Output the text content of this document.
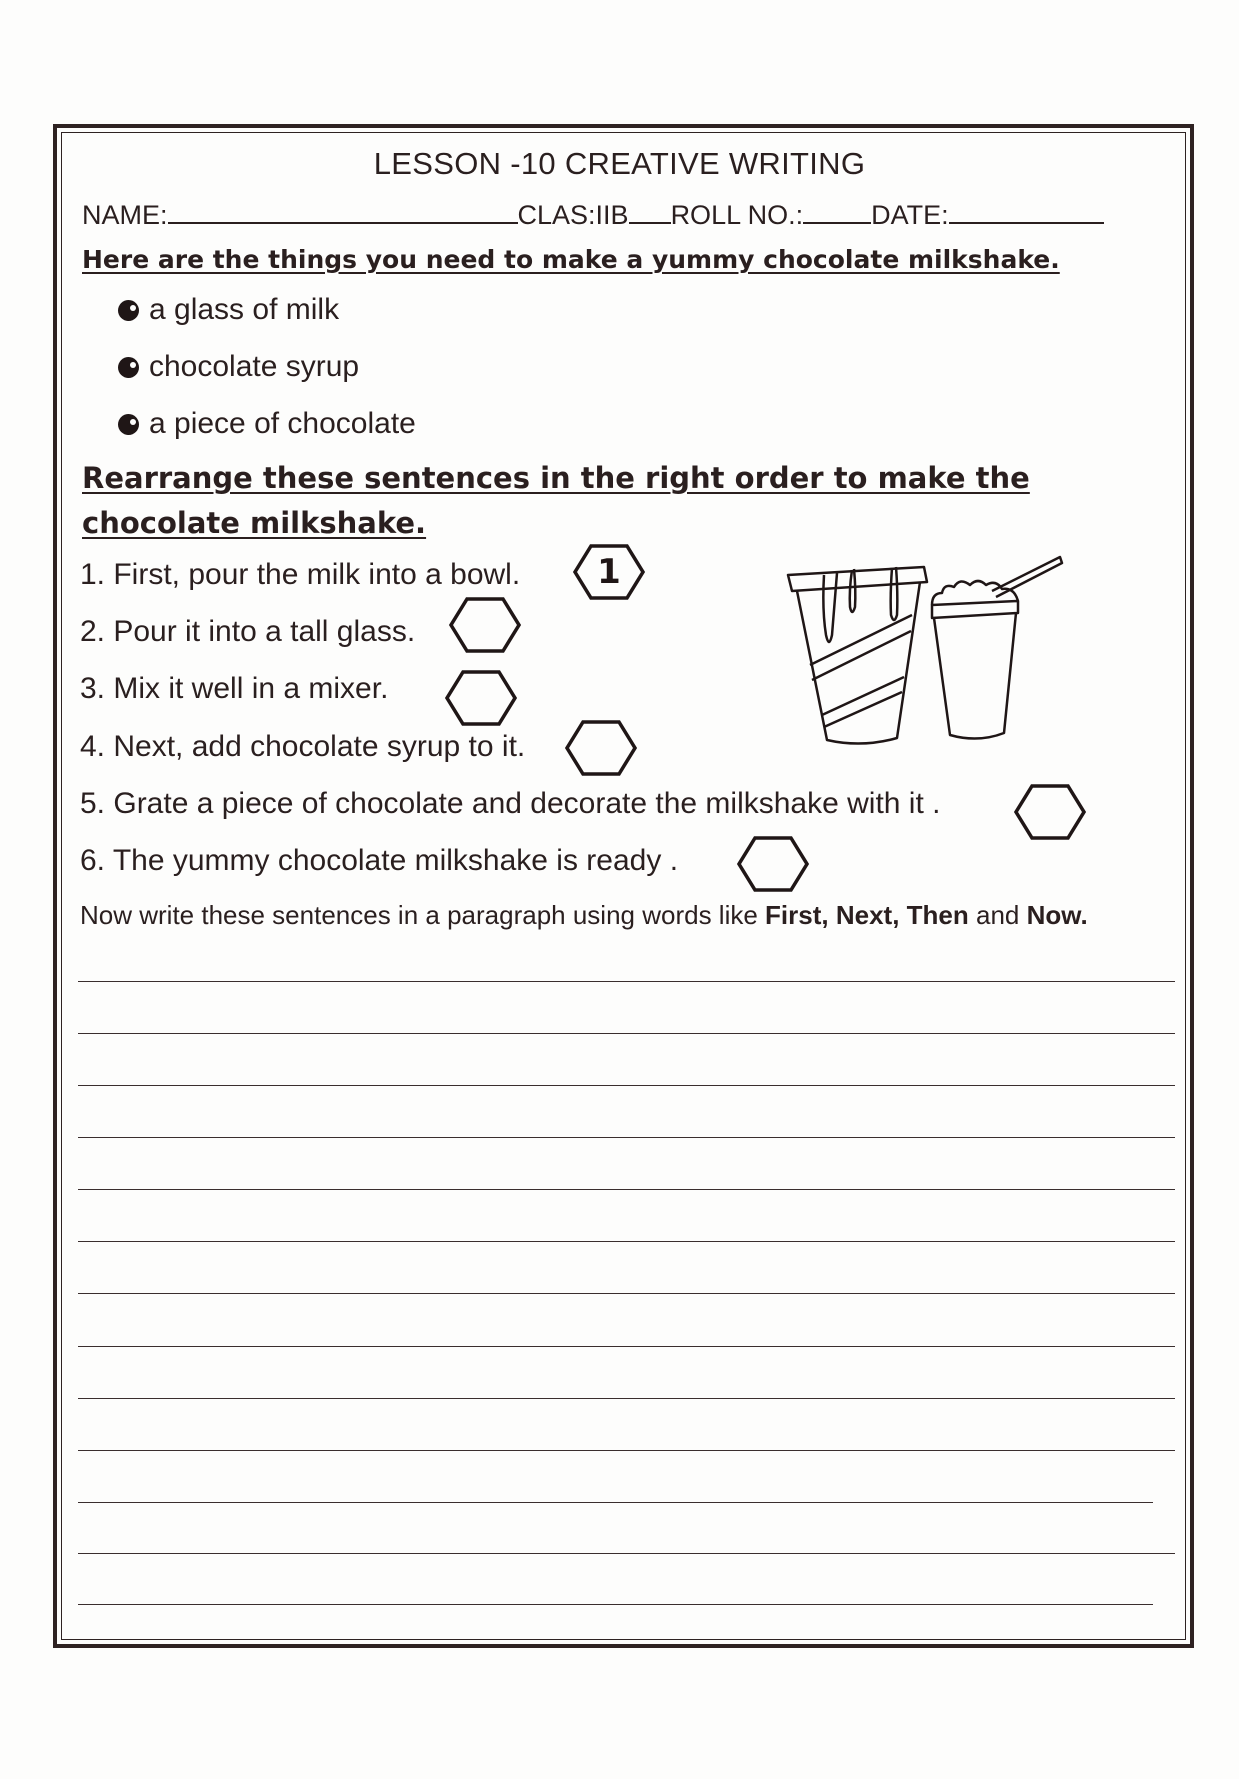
LESSON -10 CREATIVE WRITING
NAME:	CLAS:IIB ROLL NO.:	DATE:
Here are the things you need to make a yummy chocolate milkshake.
a glass of milk
chocolate syrup
a piece of chocolate
Rearrange these sentences in the right order to make the
chocolate milkshake.
1. First, pour the milk into a bowl.
2. Pour it into a tall glass.
3. Mix it well in a mixer.
4. Next, add chocolate syrup to it.
5. Grate a piece of chocolate and decorate the milkshake with it .
6. The yummy chocolate milkshake is ready .
1
Now write these sentences in a paragraph using words like First, Next, Then and Now.
